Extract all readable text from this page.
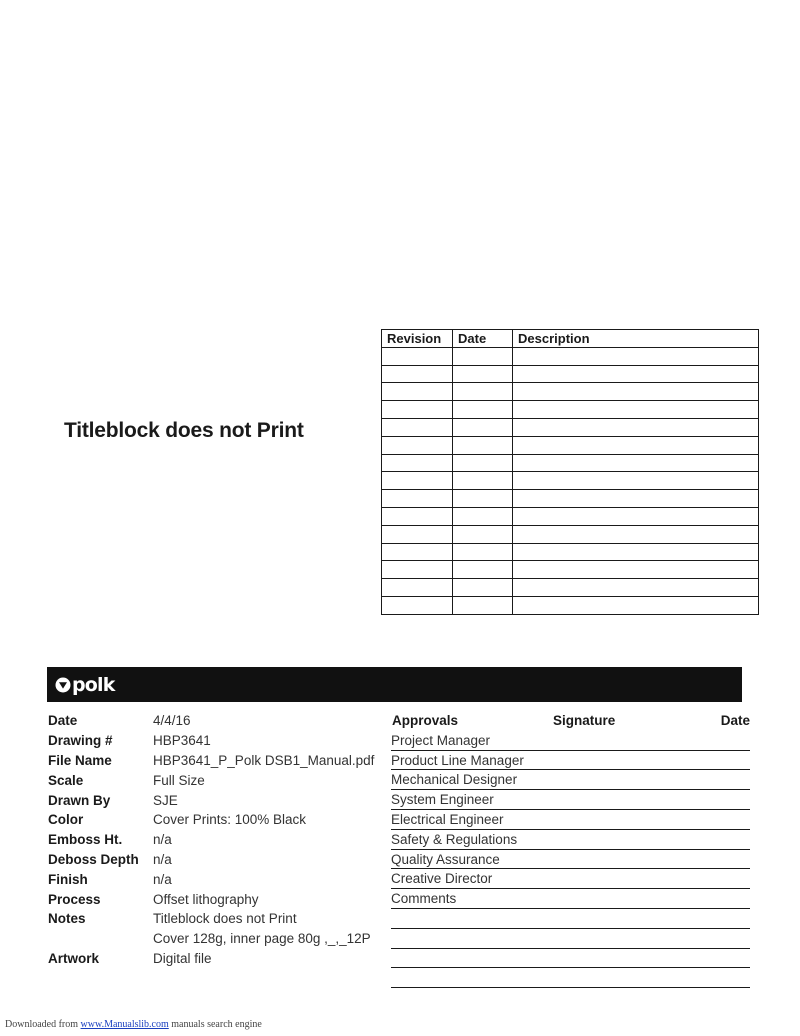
Titleblock does not Print
Revision	Date	Description

polk
Date	4/4/16
Drawing #	HBP3641
File Name	HBP3641_P_Polk DSB1_Manual.pdf
Scale	Full Size
Drawn By	SJE
Color	Cover Prints: 100% Black
Emboss Ht.	n/a
Deboss Depth	n/a
Finish	n/a
Process	Offset lithography
Notes	Titleblock does not Print
Cover 128g, inner page 80g ,_,_12P
Artwork	Digital file
Approvals	Signature	Date
Project Manager
Product Line Manager
Mechanical Designer
System Engineer
Electrical Engineer
Safety & Regulations
Quality Assurance
Creative Director
Comments
Downloaded from www.Manualslib.com manuals search engine
